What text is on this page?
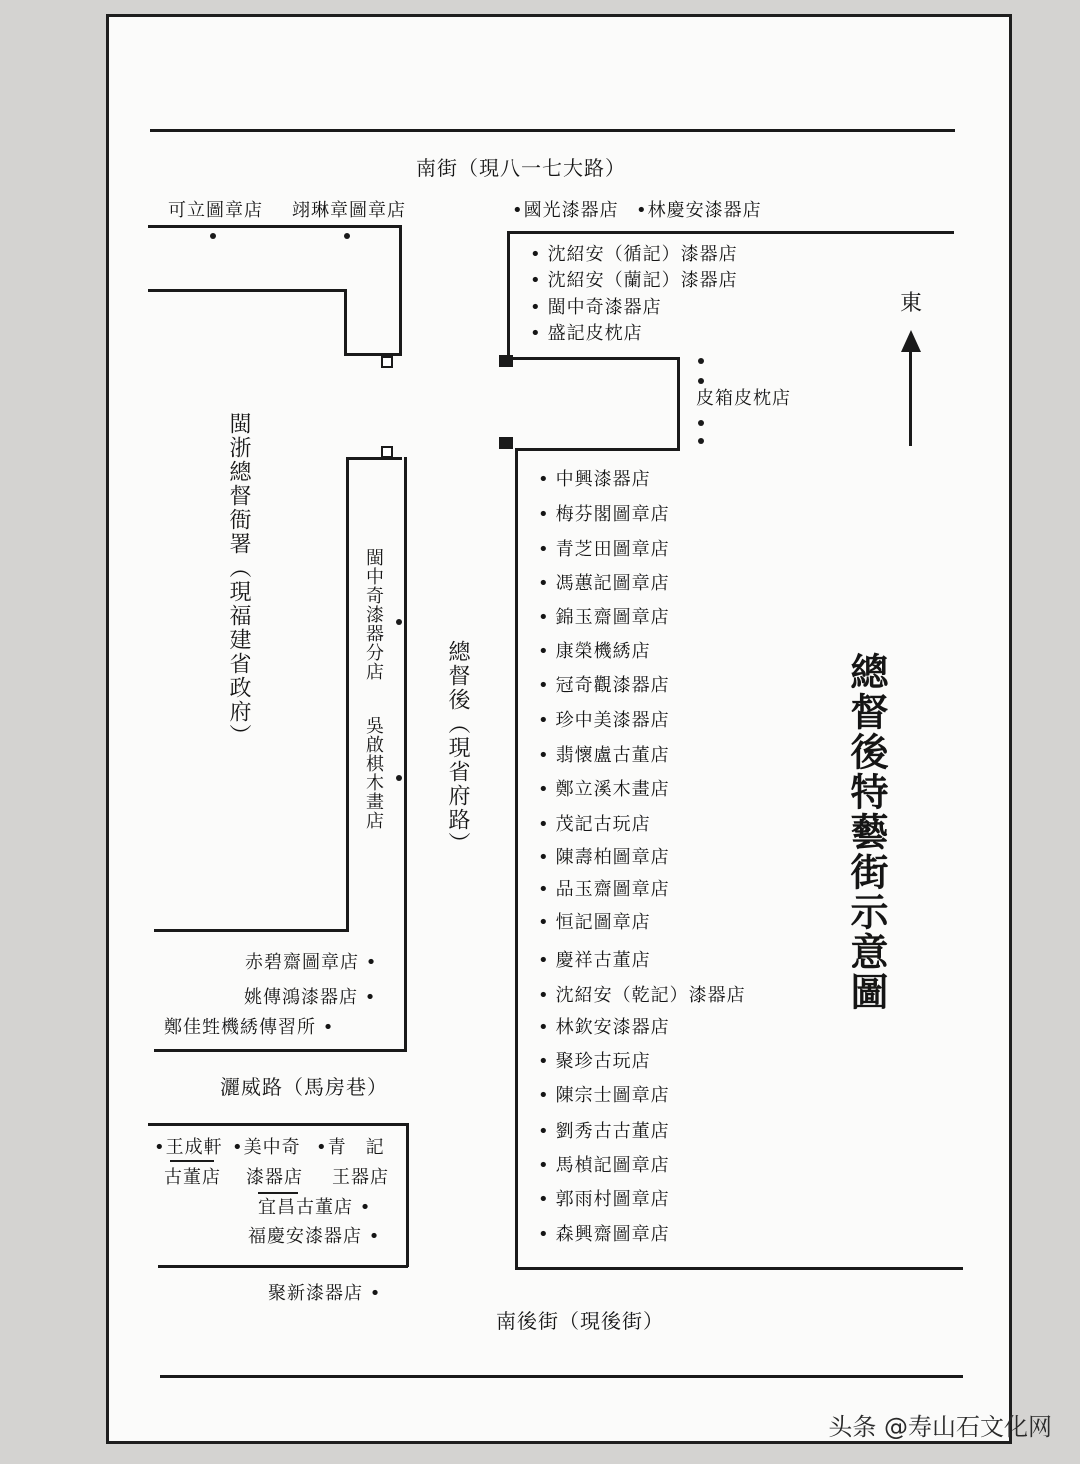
南街（現八一七大路）
可立圖章店 翊琳章圖章店	•國光漆器店 •林慶安漆器店
• 沈紹安（循記）漆器店
• 沈紹安（蘭記）漆器店
• 閩中奇漆器店
• 盛記皮枕店
皮箱皮枕店
東
閩浙總督衙署（現福建省政府）	閩中奇漆器分店
吳啟棋木畫店	總督後（現省府路）
• 中興漆器店
• 梅芬閣圖章店
• 青芝田圖章店
• 馮蕙記圖章店
• 錦玉齋圖章店
• 康榮機綉店
• 冠奇觀漆器店
• 珍中美漆器店
• 翡懷盧古董店
• 鄭立溪木畫店
• 茂記古玩店
• 陳壽柏圖章店
• 品玉齋圖章店
• 恒記圖章店
• 慶祥古董店
• 沈紹安（乾記）漆器店
• 林欽安漆器店
• 聚珍古玩店
• 陳宗士圖章店
• 劉秀古古董店
• 馬楨記圖章店
• 郭雨村圖章店
• 森興齋圖章店
總督後特藝街示意圖
赤碧齋圖章店 •
姚傳鴻漆器店 •
鄭佳甡機綉傳習所 •
灑威路（馬房巷）
•王成軒 •美中奇 •青　記
古董店 漆器店 王器店
宜昌古董店 •
福慶安漆器店 •
聚新漆器店 •
南後街（現後街）
头条 @寿山石文化网
